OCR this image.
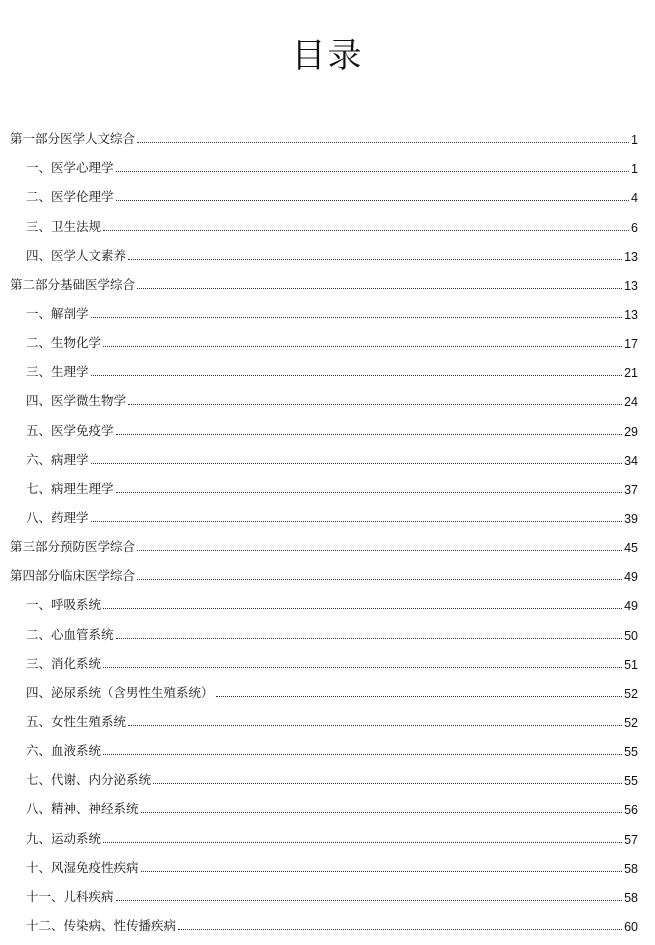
目录
第一部分医学人文综合	1
一、医学心理学	1
二、医学伦理学	4
三、卫生法规	6
四、医学人文素养	13
第二部分基础医学综合	13
一、解剖学	13
二、生物化学	17
三、生理学	21
四、医学微生物学	24
五、医学免疫学	29
六、病理学	34
七、病理生理学	37
八、药理学	39
第三部分预防医学综合	45
第四部分临床医学综合	49
一、呼吸系统	49
二、心血管系统	50
三、消化系统	51
四、泌尿系统（含男性生殖系统）	52
五、女性生殖系统	52
六、血液系统	55
七、代谢、内分泌系统	55
八、精神、神经系统	56
九、运动系统	57
十、风湿免疫性疾病	58
十一、儿科疾病	58
十二、传染病、性传播疾病	60
